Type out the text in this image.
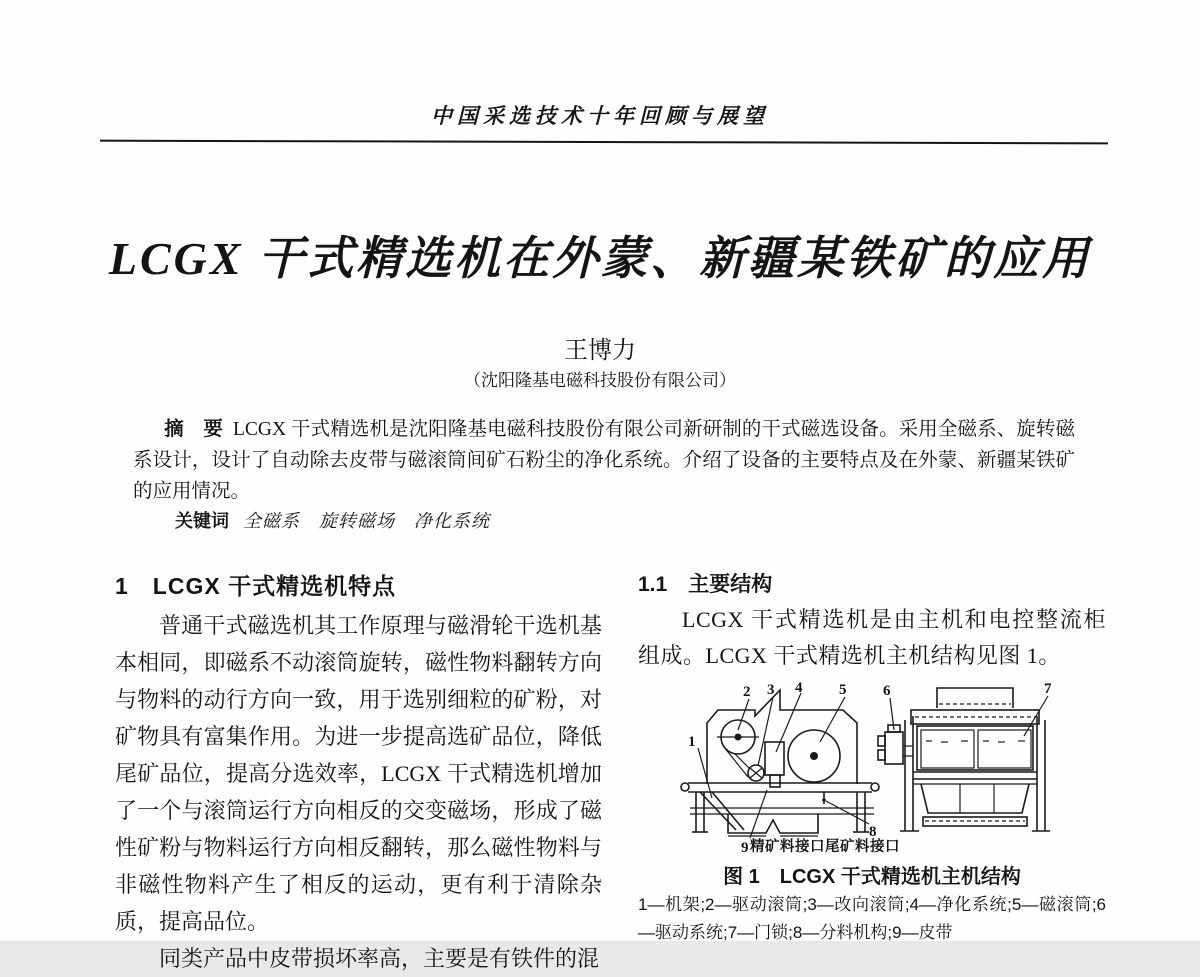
中国采选技术十年回顾与展望
LCGX 干式精选机在外蒙、新疆某铁矿的应用
王博力
（沈阳隆基电磁科技股份有限公司）

摘　要 LCGX 干式精选机是沈阳隆基电磁科技股份有限公司新研制的干式磁选设备。采用全磁系、旋转磁系设计，设计了自动除去皮带与磁滚筒间矿石粉尘的净化系统。介绍了设备的主要特点及在外蒙、新疆某铁矿的应用情况。

关键词 全磁系　旋转磁场　净化系统

1　LCGX 干式精选机特点

普通干式磁选机其工作原理与磁滑轮干选机基本相同，即磁系不动滚筒旋转，磁性物料翻转方向与物料的动行方向一致，用于选别细粒的矿粉，对矿物具有富集作用。为进一步提高选矿品位，降低尾矿品位，提高分选效率，LCGX 干式精选机增加了一个与滚筒运行方向相反的交变磁场，形成了磁性矿粉与物料运行方向相反翻转，那么磁性物料与非磁性物料产生了相反的运动，更有利于清除杂质，提高品位。

同类产品中皮带损坏率高，主要是有铁件的混

1.1　主要结构

LCGX 干式精选机是由主机和电控整流柜组成。LCGX 干式精选机主机结构见图 1。

1
2 3 4 5
8
9 精矿料接口 尾矿料接口
6	7
图 1　LCGX 干式精选机主机结构

1—机架;2—驱动滚筒;3—改向滚筒;4—净化系统;5—磁滚筒;6—驱动系统;7—门锁;8—分料机构;9—皮带
